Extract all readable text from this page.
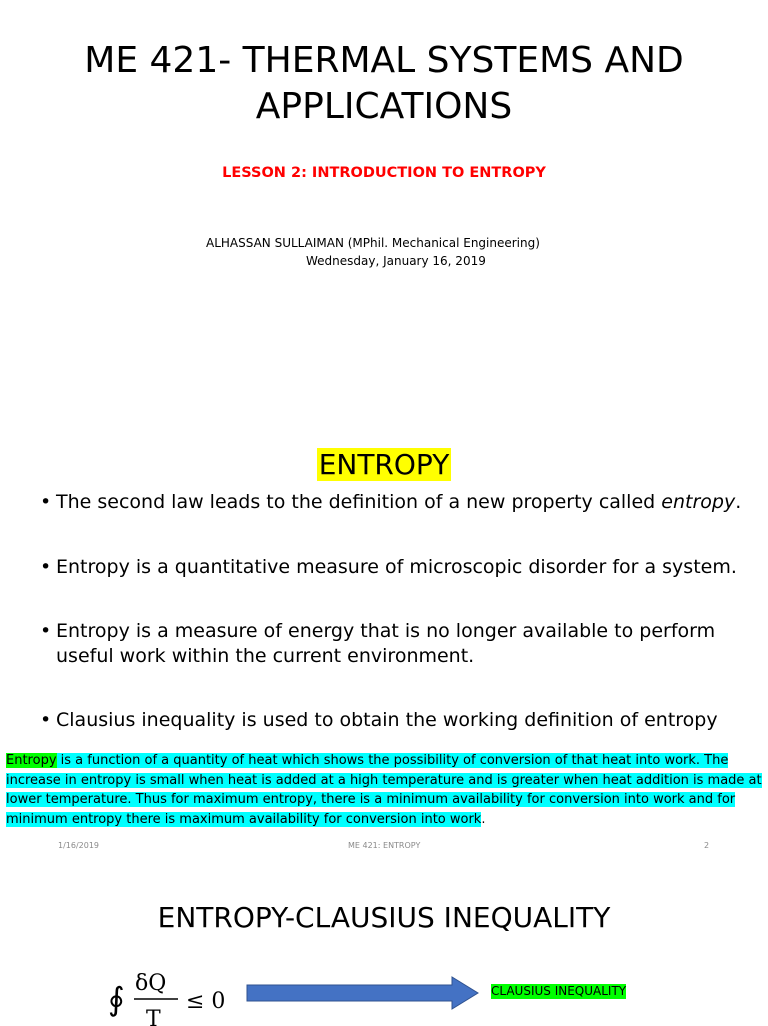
ME 421- THERMAL SYSTEMS AND
APPLICATIONS
LESSON 2: INTRODUCTION TO ENTROPY
ALHASSAN SULLAIMAN (MPhil. Mechanical Engineering)
Wednesday, January 16, 2019
ENTROPY
• The second law leads to the definition of a new property called entropy.
• Entropy is a quantitative measure of microscopic disorder for a system.
• Entropy is a measure of energy that is no longer available to perform useful work within the current environment.
• Clausius inequality is used to obtain the working definition of entropy
Entropy is a function of a quantity of heat which shows the possibility of conversion of that heat into work. The increase in entropy is small when heat is added at a high temperature and is greater when heat addition is made at lower temperature. Thus for maximum entropy, there is a minimum availability for conversion into work and for minimum entropy there is maximum availability for conversion into work.
1/16/2019	ME 421: ENTROPY	2
ENTROPY-CLAUSIUS INEQUALITY
∮ δQ
T
≤ 0	CLAUSIUS INEQUALITY
